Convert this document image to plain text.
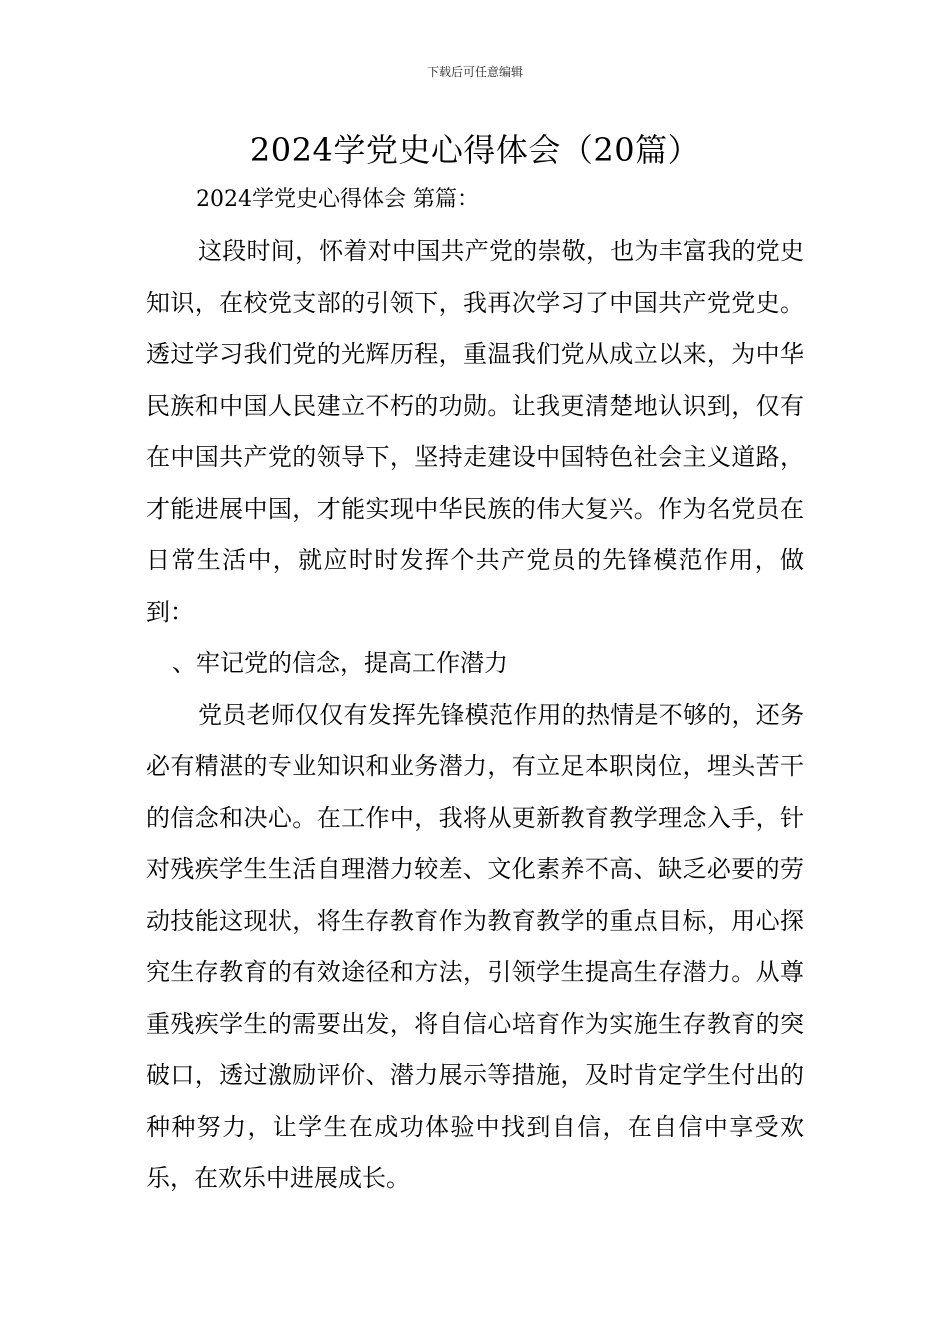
下载后可任意编辑
2024学党史心得体会（20篇）
2024学党史心得体会 第篇：

这段时间，怀着对中国共产党的崇敬，也为丰富我的党史知识，在校党支部的引领下，我再次学习了中国共产党党史。透过学习我们党的光辉历程，重温我们党从成立以来，为中华民族和中国人民建立不朽的功勋。让我更清楚地认识到，仅有在中国共产党的领导下，坚持走建设中国特色社会主义道路，才能进展中国，才能实现中华民族的伟大复兴。作为名党员在日常生活中，就应时时发挥个共产党员的先锋模范作用，做到：

、牢记党的信念，提高工作潜力

党员老师仅仅有发挥先锋模范作用的热情是不够的，还务必有精湛的专业知识和业务潜力，有立足本职岗位，埋头苦干的信念和决心。在工作中，我将从更新教育教学理念入手，针对残疾学生生活自理潜力较差、文化素养不高、缺乏必要的劳动技能这现状，将生存教育作为教育教学的重点目标，用心探究生存教育的有效途径和方法，引领学生提高生存潜力。从尊重残疾学生的需要出发，将自信心培育作为实施生存教育的突破口，透过激励评价、潜力展示等措施，及时肯定学生付出的种种努力，让学生在成功体验中找到自信，在自信中享受欢乐，在欢乐中进展成长。
